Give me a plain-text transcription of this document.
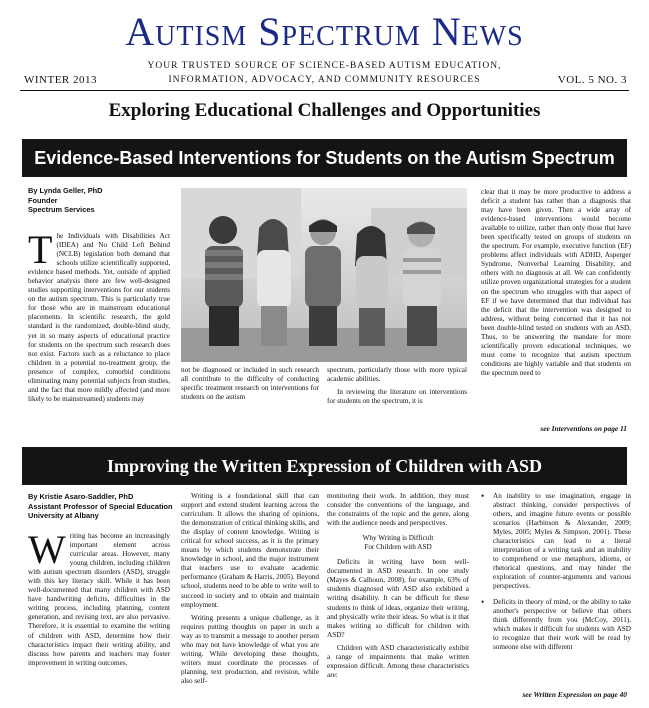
Autism Spectrum News
YOUR TRUSTED SOURCE OF SCIENCE-BASED AUTISM EDUCATION,
WINTER 2013	INFORMATION, ADVOCACY, AND COMMUNITY RESOURCES	VOL. 5 NO. 3
Exploring Educational Challenges and Opportunities
Evidence-Based Interventions for Students on the Autism Spectrum
By Lynda Geller, PhD
Founder
Spectrum Services
The Individuals with Disabilities Act (IDEA) and No Child Left Behind (NCLB) legislation both demand that schools utilize scientifically supported, evidence based methods. Yet, outside of applied behavior analysis there are few well-designed studies supporting interventions for our students on the autism spectrum. This is particularly true for those who are in mainstream educational placements. In scientific research, the gold standard is the randomized, double-blind study, yet in so many aspects of educational practice for students on the spectrum such research does not exist. Factors such as a reluctance to place children in a potential no-treatment group, the presence of complex, comorbid conditions eliminating many potential subjects from studies, and the fact that more mildly affected (and more likely to be mainstreamed) students may
not be diagnosed or included in such research all contribute to the difficulty of conducting specific treatment research on interventions for students on the autism
spectrum, particularly those with more typical academic abilities.
In reviewing the literature on interventions for students on the spectrum, it is
clear that it may be more productive to address a deficit a student has rather than a diagnosis that may have been given. Then a wide array of evidence-based interventions would become available to utilize, rather than only those that have been specifically tested on groups of students on the spectrum. For example, executive function (EF) problems affect individuals with ADHD, Asperger Syndrome, Nonverbal Learning Disability, and others with no diagnosis at all. We can confidently utilize proven organizational strategies for a student on the spectrum who struggles with that aspect of EF if we have determined that that individual has the deficit that the intervention was designed to address, without being concerned that it has not been double-blind tested on students with an ASD. Thus, to be answering the mandate for more scientifically proven educational techniques, we must come to recognize that autism spectrum conditions are highly variable and that students on the spectrum need to
see Interventions on page 11
Improving the Written Expression of Children with ASD
By Kristie Asaro-Saddler, PhD
Assistant Professor of Special Education
University at Albany
Writing has become an increasingly important element across curricular areas. However, many young children, including children with autism spectrum disorders (ASD), struggle with this key literacy skill. While it has been well-documented that many children with ASD have handwriting deficits, difficulties in the writing process, including planning, content generation, and revising text, are also pervasive. Therefore, it is essential to examine the writing of children with ASD, determine how their characteristics impact their writing ability, and discuss how parents and teachers may foster improvement in writing outcomes.
Writing is a foundational skill that can support and extend student learning across the curriculum. It allows the sharing of opinions, the demonstration of critical thinking skills, and the display of content knowledge. Writing is critical for school success, as it is the primary means by which students demonstrate their knowledge in school, and the major instrument that teachers use to evaluate academic performance (Graham & Harris, 2005). Beyond school, students need to be able to write well to succeed in society and to obtain and maintain employment.
Writing presents a unique challenge, as it requires putting thoughts on paper in such a way as to transmit a message to another person who may not have knowledge of what you are writing. While developing these thoughts, writers must coordinate the processes of planning, text production, and revision, while also self-
monitoring their work. In addition, they must consider the conventions of the language, and the constraints of the topic and the genre, along with the audience needs and perspectives.
Why Writing is Difficult
For Children with ASD
Deficits in writing have been well-documented in ASD research. In one study (Mayes & Calhoun, 2008), for example, 63% of students diagnosed with ASD also exhibited a writing disability. It can be difficult for these students to think of ideas, organize their writing, and physically write their ideas. So what is it that makes writing so difficult for children with ASD?
Children with ASD characteristically exhibit a range of impairments that make written expression difficult. Among these characteristics are:
• An inability to use imagination, engage in abstract thinking, consider perspectives of others, and imagine future events or possible scenarios (Harbinson & Alexander, 2009; Myles, 2005; Myles & Simpson, 2001). These characteristics can lead to a literal interpretation of a writing task and an inability to comprehend or use metaphors, idioms, or rhetorical questions, and may hinder the exploration of counter-arguments and various perspectives.
• Deficits in theory of mind, or the ability to take another's perspective or believe that others think differently from you (McCoy, 2011), which makes it difficult for students with ASD to recognize that their work will be read by someone else with different
see Written Expression on page 40
